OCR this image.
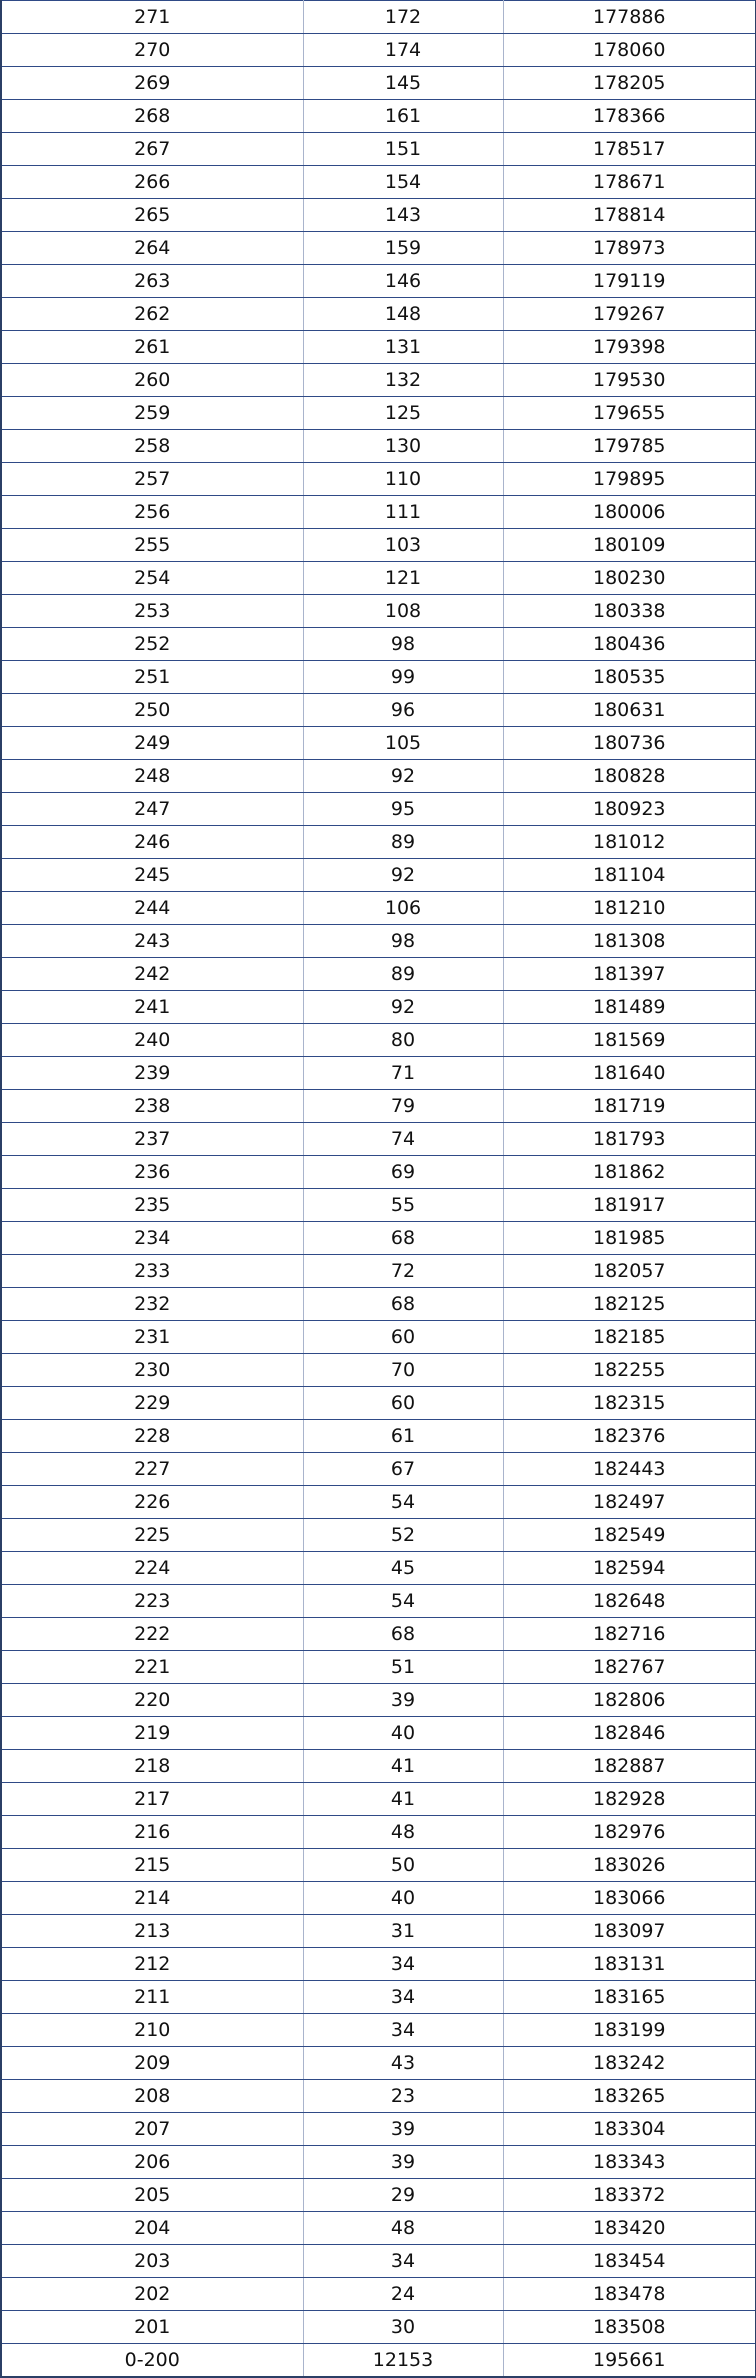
271	172	177886
270	174	178060
269	145	178205
268	161	178366
267	151	178517
266	154	178671
265	143	178814
264	159	178973
263	146	179119
262	148	179267
261	131	179398
260	132	179530
259	125	179655
258	130	179785
257	110	179895
256	111	180006
255	103	180109
254	121	180230
253	108	180338
252	98	180436
251	99	180535
250	96	180631
249	105	180736
248	92	180828
247	95	180923
246	89	181012
245	92	181104
244	106	181210
243	98	181308
242	89	181397
241	92	181489
240	80	181569
239	71	181640
238	79	181719
237	74	181793
236	69	181862
235	55	181917
234	68	181985
233	72	182057
232	68	182125
231	60	182185
230	70	182255
229	60	182315
228	61	182376
227	67	182443
226	54	182497
225	52	182549
224	45	182594
223	54	182648
222	68	182716
221	51	182767
220	39	182806
219	40	182846
218	41	182887
217	41	182928
216	48	182976
215	50	183026
214	40	183066
213	31	183097
212	34	183131
211	34	183165
210	34	183199
209	43	183242
208	23	183265
207	39	183304
206	39	183343
205	29	183372
204	48	183420
203	34	183454
202	24	183478
201	30	183508
0-200	12153	195661
